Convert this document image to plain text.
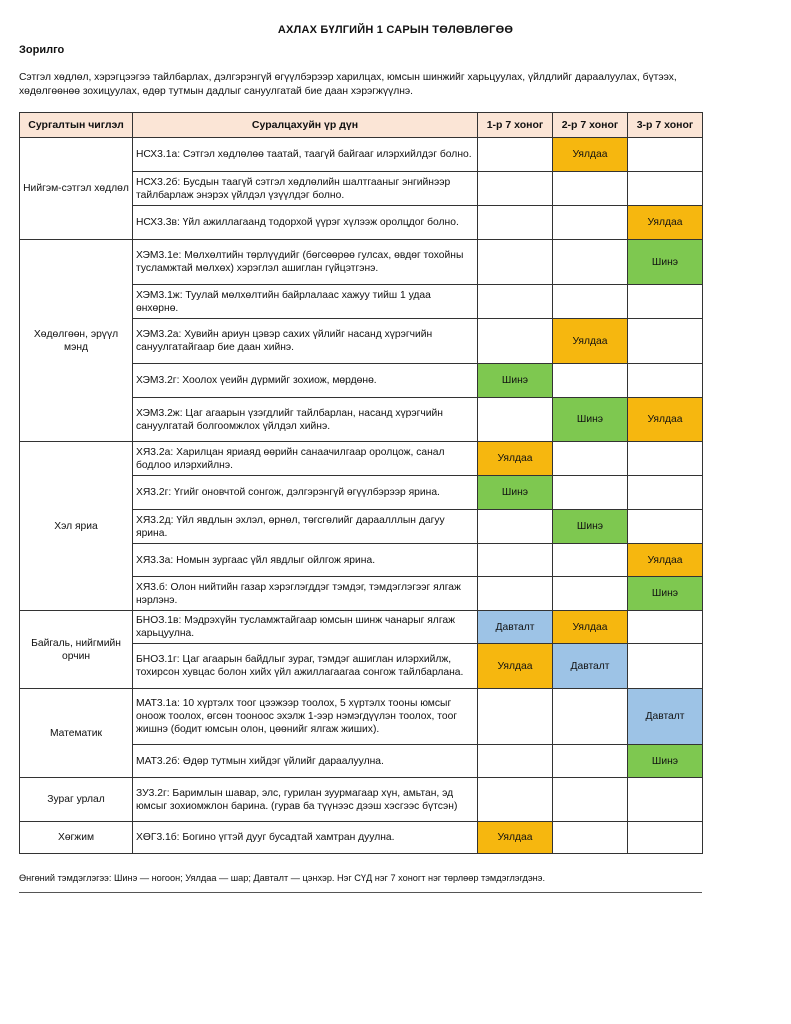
АХЛАХ БҮЛГИЙН 1 САРЫН ТӨЛӨВЛӨГӨӨ
Зорилго
Сэтгэл хөдлөл, хэрэгцээгээ тайлбарлах, дэлгэрэнгүй өгүүлбэрээр харилцах, юмсын шинжийг харьцуулах, үйлдлийг дараалуулах, бүтээх, хөдөлгөөнөө зохицуулах, өдөр тутмын дадлыг сануулгатай бие даан хэрэгжүүлнэ.
Сургалтын чиглэл	Суралцахуйн үр дүн	1-р 7 хоног	2-р 7 хоног	3-р 7 хоног
Нийгэм-сэтгэл хөдлөл	НСХ3.1а: Сэтгэл хөдлөлөө таатай, таагүй байгааг илэрхийлдэг болно.		Уялдаа	
	НСХ3.2б: Бусдын таагүй сэтгэл хөдлөлийн шалтгааныг энгийнээр тайлбарлаж энэрэх үйлдэл үзүүлдэг болно.			
	НСХ3.3в: Үйл ажиллагаанд тодорхой үүрэг хүлээж оролцдог болно.			Уялдаа
Хөдөлгөөн, эрүүл мэнд	ХЭМ3.1е: Мөлхөлтийн төрлүүдийг (бөгсөөрөө гулсах, өвдөг тохойны тусламжтай мөлхөх) хэрэглэл ашиглан гүйцэтгэнэ.			Шинэ
	ХЭМ3.1ж: Туулай мөлхөлтийн байрлалаас хажуу тийш 1 удаа өнхөрнө.			
	ХЭМ3.2а: Хувийн ариун цэвэр сахих үйлийг насанд хүрэгчийн сануулгатайгаар бие даан хийнэ.		Уялдаа	
	ХЭМ3.2г: Хоолох үеийн дүрмийг зохиож, мөрдөнө.	Шинэ		
	ХЭМ3.2ж: Цаг агаарын үзэгдлийг тайлбарлан, насанд хүрэгчийн сануулгатай болгоомжлох үйлдэл хийнэ.		Шинэ	Уялдаа
Хэл яриа	ХЯ3.2а: Харилцан яриаяд өөрийн санаачилгаар оролцож, санал бодлоо илэрхийлнэ.	Уялдаа		
	ХЯ3.2г: Үгийг оновчтой сонгож, дэлгэрэнгүй өгүүлбэрээр ярина.	Шинэ		
	ХЯ3.2д: Үйл явдлын эхлэл, өрнөл, төгсгөлийг дараалллын дагуу ярина.		Шинэ	
	ХЯ3.3а: Номын зургаас үйл явдлыг ойлгож ярина.			Уялдаа
	ХЯ3.б: Олон нийтийн газар хэрэглэгддэг тэмдэг, тэмдэглэгээг ялгаж нэрлэнэ.			Шинэ
Байгаль, нийгмийн орчин	БНОЗ.1в: Мэдрэхүйн тусламжтайгаар юмсын шинж чанарыг ялгаж харьцуулна.	Давталт	Уялдаа	
	БНОЗ.1г: Цаг агаарын байдлыг зураг, тэмдэг ашиглан илэрхийлж, тохирсон хувцас болон хийх үйл ажиллагаагаа сонгож тайлбарлана.	Уялдаа	Давталт	
Математик	МАТ3.1а: 10 хүртэлх тоог цээжээр тоолох, 5 хүртэлх тооны юмсыг оноож тоолох, өгсөн тооноос эхэлж 1-ээр нэмэгдүүлэн тоолох, тоог жишнэ (бодит юмсын олон, цөөнийг ялгаж жиших).			Давталт
	МАТ3.2б: Өдөр тутмын хийдэг үйлийг дараалуулна.			Шинэ
Зураг урлал	ЗУ3.2г: Баримлын шавар, элс, гурилан зуурмагаар хүн, амьтан, эд юмсыг зохиомжлон барина. (гурав ба түүнээс дээш хэсгээс бүтсэн)			
Хөгжим	ХӨГ3.1б: Богино үгтэй дууг бусадтай хамтран дуулна.	Уялдаа		
Өнгөний тэмдэглэгээ: Шинэ — ногоон; Уялдаа — шар; Давталт — цэнхэр. Нэг СҮД нэг 7 хоногт нэг төрлөөр тэмдэглэгдэнэ.
